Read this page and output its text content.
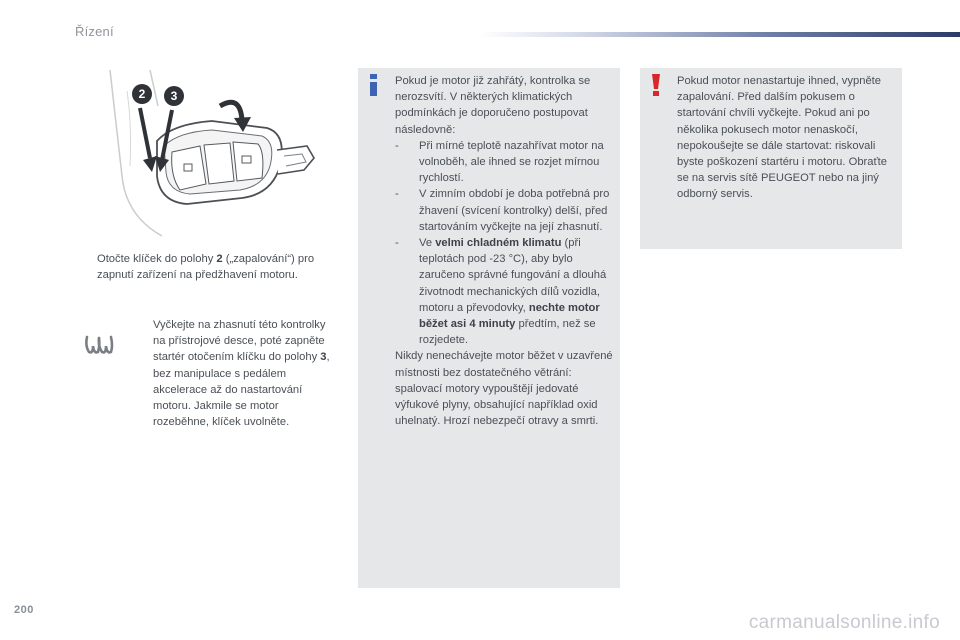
Řízení
2 3
Otočte klíček do polohy 2 („zapalování“) pro zapnutí zařízení na předžhavení motoru.
Vyčkejte na zhasnutí této kontrolky na přístrojové desce, poté zapněte startér otočením klíčku do polohy 3, bez manipulace s pedálem akcelerace až do nastartování motoru. Jakmile se motor rozeběhne, klíček uvolněte.
Pokud je motor již zahřátý, kontrolka se nerozsvítí. V některých klimatických podmínkách je doporučeno postupovat následovně:
-	Při mírné teplotě nazahřívat motor na volnoběh, ale ihned se rozjet mírnou rychlostí.
-	V zimním období je doba potřebná pro žhavení (svícení kontrolky) delší, před startováním vyčkejte na její zhasnutí.
-	Ve velmi chladném klimatu (při teplotách pod -23 °C), aby bylo zaručeno správné fungování a dlouhá životnodt mechanických dílů vozidla, motoru a převodovky, nechte motor běžet asi 4 minuty předtím, než se rozjedete.
Nikdy nenechávejte motor běžet v uzavřené místnosti bez dostatečného větrání: spalovací motory vypouštějí jedovaté výfukové plyny, obsahující například oxid uhelnatý. Hrozí nebezpečí otravy a smrti.
Pokud motor nenastartuje ihned, vypněte zapalování. Před dalším pokusem o startování chvíli vyčkejte. Pokud ani po několika pokusech motor nenaskočí, nepokoušejte se dále startovat: riskovali byste poškození startéru i motoru. Obraťte se na servis sítě PEUGEOT nebo na jiný odborný servis.
200
carmanualsonline.info
